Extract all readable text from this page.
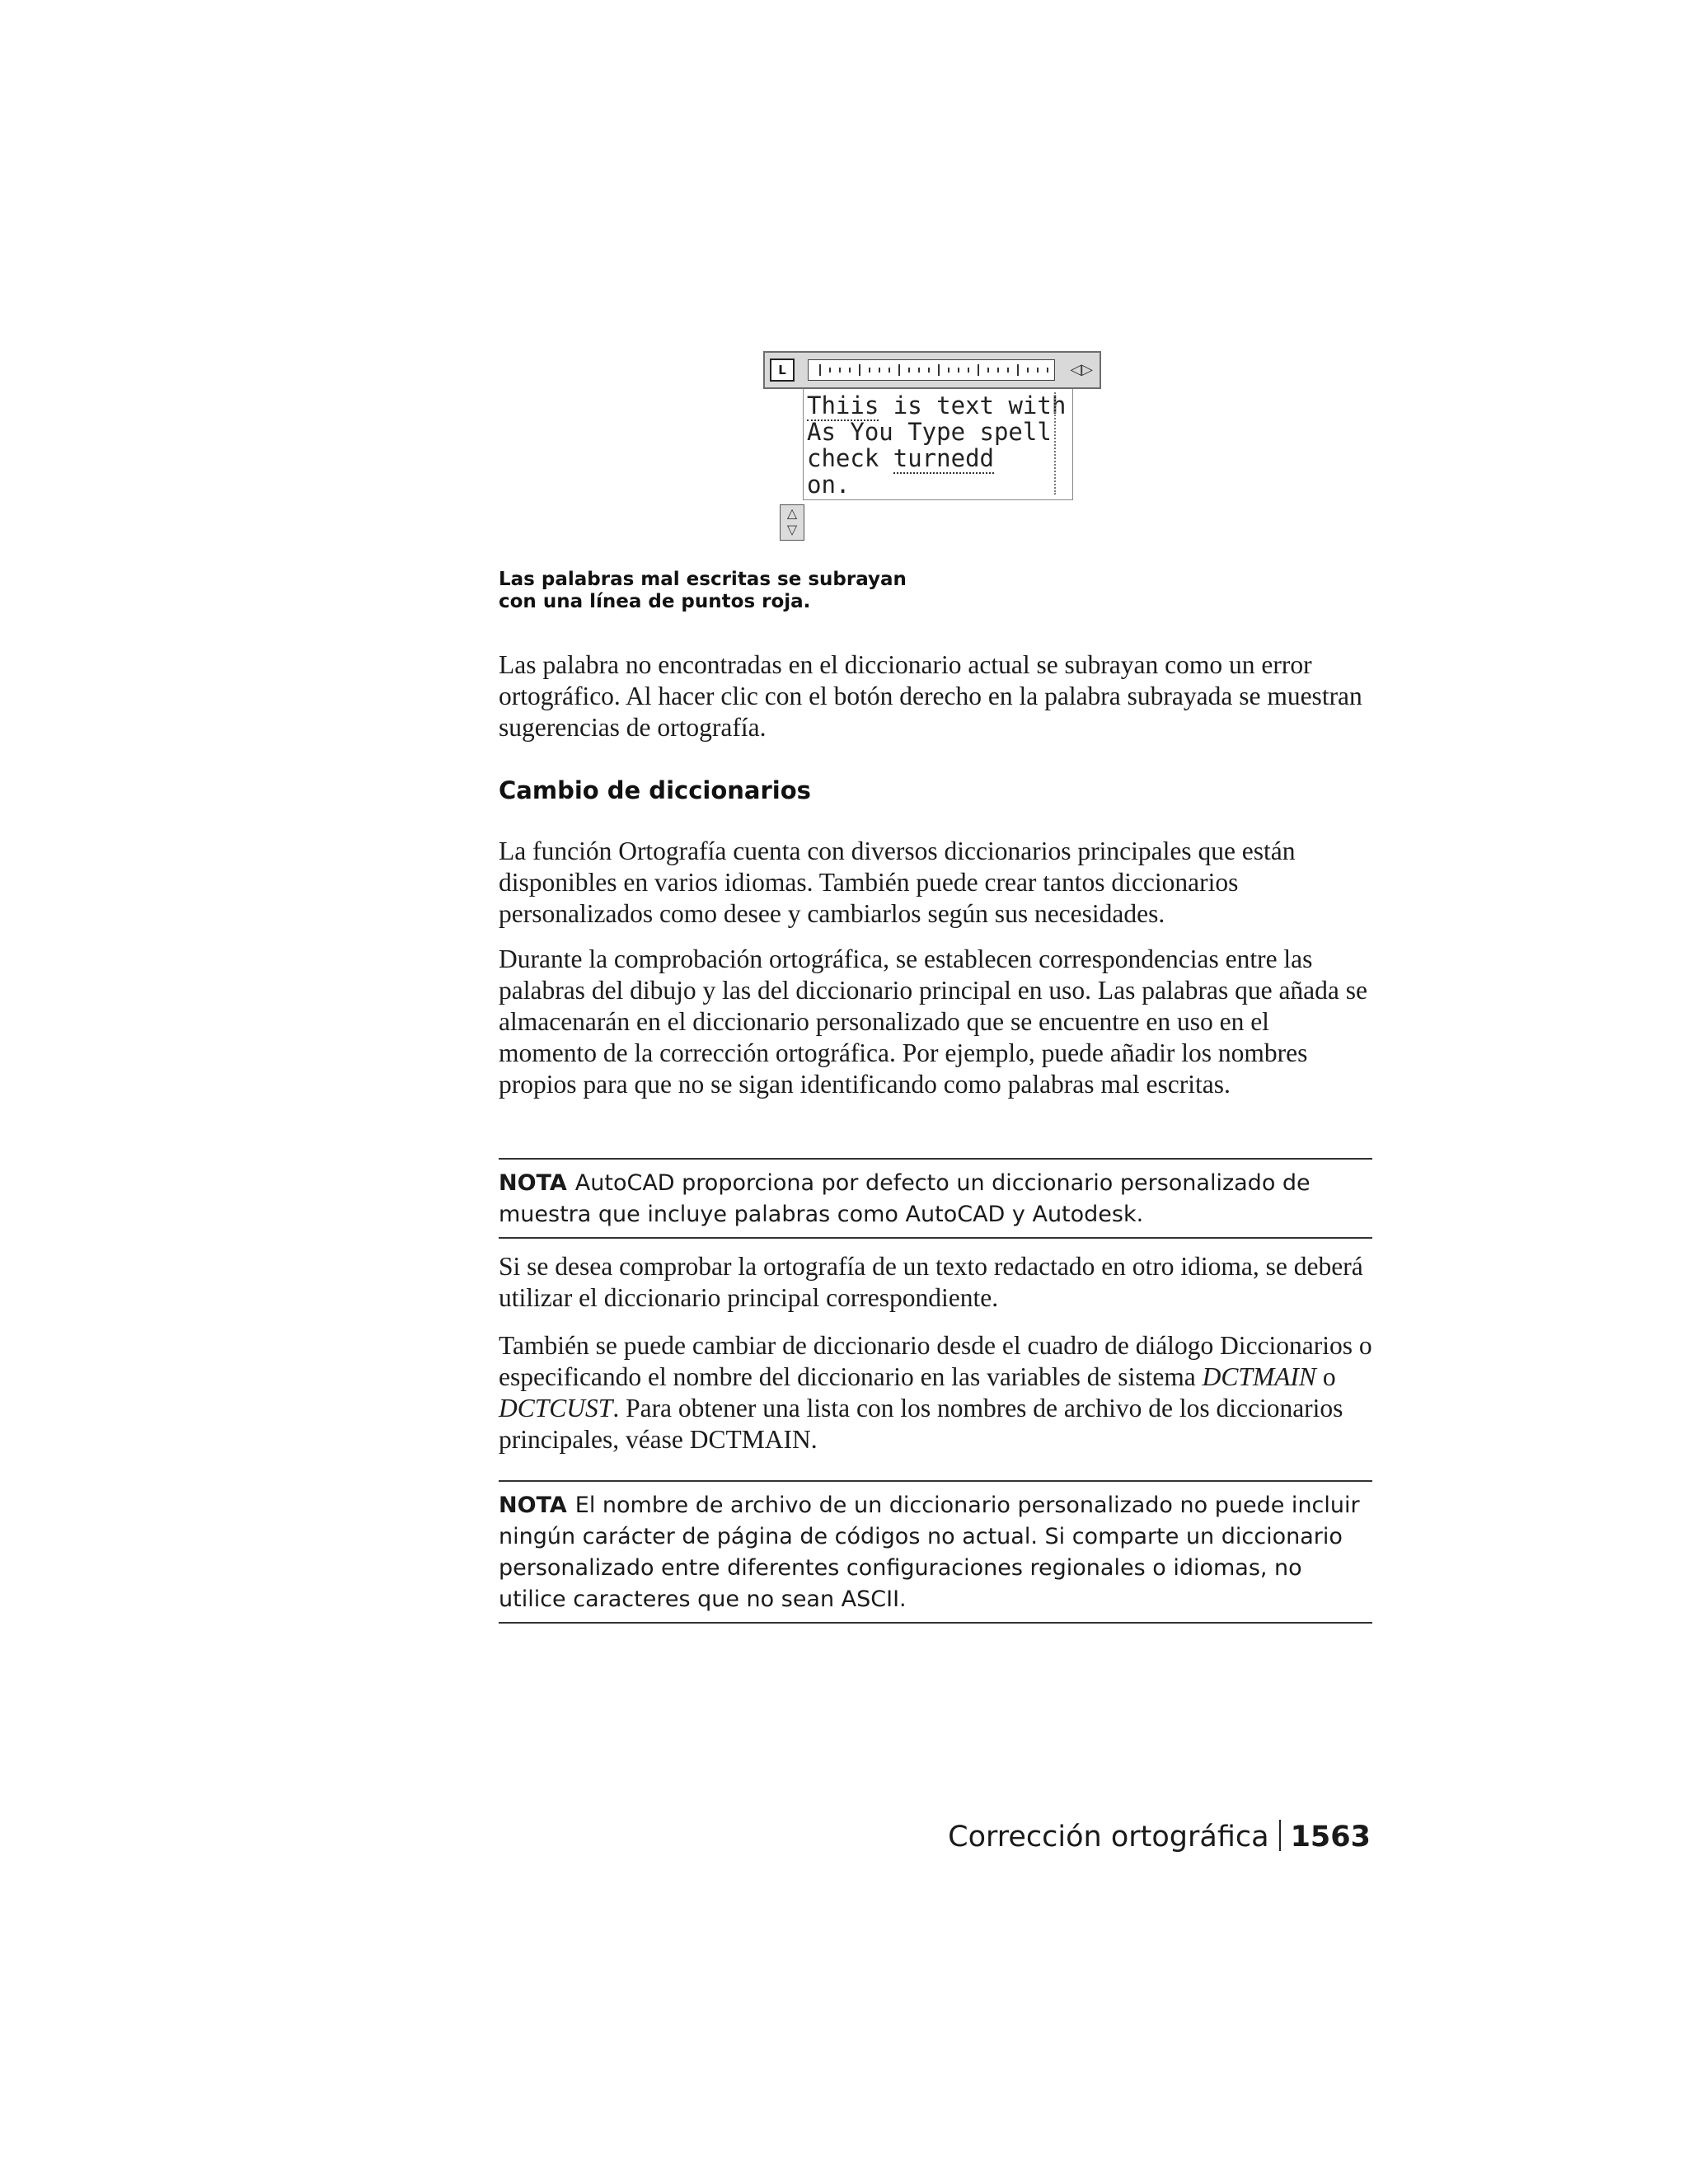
L	◁▷
Thiis is text with
As You Type spell
check turnedd
on.
△
▽
Las palabras mal escritas se subrayan
con una línea de puntos roja.

Las palabra no encontradas en el diccionario actual se subrayan como un error ortográfico. Al hacer clic con el botón derecho en la palabra subrayada se muestran sugerencias de ortografía.

Cambio de diccionarios

La función Ortografía cuenta con diversos diccionarios principales que están disponibles en varios idiomas. También puede crear tantos diccionarios personalizados como desee y cambiarlos según sus necesidades.

Durante la comprobación ortográfica, se establecen correspondencias entre las palabras del dibujo y las del diccionario principal en uso. Las palabras que añada se almacenarán en el diccionario personalizado que se encuentre en uso en el momento de la corrección ortográfica. Por ejemplo, puede añadir los nombres propios para que no se sigan identificando como palabras mal escritas.

NOTA AutoCAD proporciona por defecto un diccionario personalizado de muestra que incluye palabras como AutoCAD y Autodesk.

Si se desea comprobar la ortografía de un texto redactado en otro idioma, se deberá utilizar el diccionario principal correspondiente.

También se puede cambiar de diccionario desde el cuadro de diálogo Diccionarios o especificando el nombre del diccionario en las variables de sistema DCTMAIN o DCTCUST. Para obtener una lista con los nombres de archivo de los diccionarios principales, véase DCTMAIN.

NOTA El nombre de archivo de un diccionario personalizado no puede incluir ningún carácter de página de códigos no actual. Si comparte un diccionario personalizado entre diferentes configuraciones regionales o idiomas, no utilice caracteres que no sean ASCII.
Corrección ortográfica 1563
